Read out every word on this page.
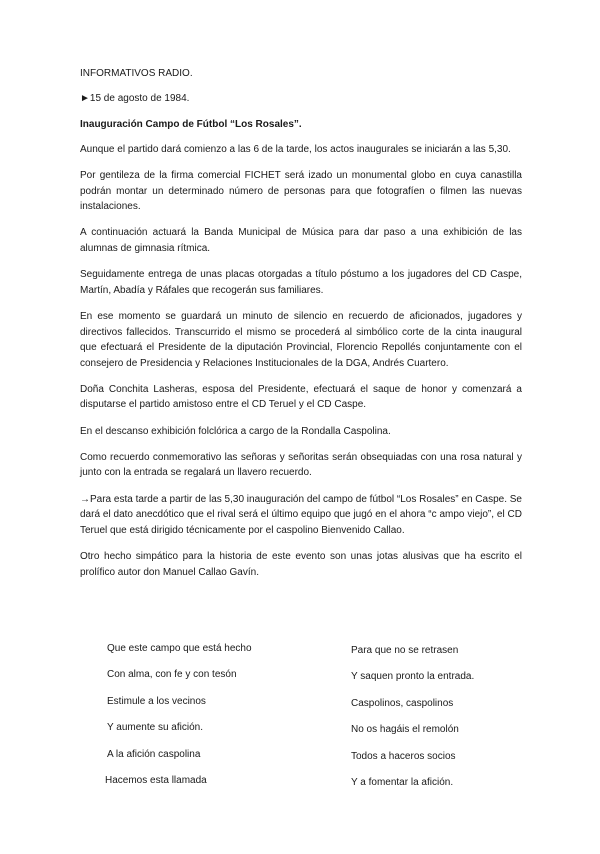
INFORMATIVOS RADIO.

►15 de agosto de 1984.

Inauguración Campo de Fútbol “Los Rosales”.

Aunque el partido dará comienzo a las 6 de la tarde, los actos inaugurales se iniciarán a las 5,30.

Por gentileza de la firma comercial FICHET será izado un monumental globo en cuya canastilla podrán montar un determinado número de personas para que fotografíen o filmen las nuevas instalaciones.

A continuación actuará la Banda Municipal de Música para dar paso a una exhibición de las alumnas de gimnasia rítmica.

Seguidamente entrega de unas placas otorgadas a título póstumo a los jugadores del CD Caspe, Martín, Abadía y Ráfales que recogerán sus familiares.

En ese momento se guardará un minuto de silencio en recuerdo de aficionados, jugadores y directivos fallecidos. Transcurrido el mismo se procederá al simbólico corte de la cinta inaugural que efectuará el Presidente de la diputación Provincial, Florencio Repollés conjuntamente con el consejero de Presidencia y Relaciones Institucionales de la DGA, Andrés Cuartero.

Doña Conchita Lasheras, esposa del Presidente, efectuará el saque de honor y comenzará a disputarse el partido amistoso entre el CD Teruel y el CD Caspe.

En el descanso exhibición folclórica a cargo de la Rondalla Caspolina.

Como recuerdo conmemorativo las señoras y señoritas serán obsequiadas con una rosa natural y junto con la entrada se regalará un llavero recuerdo.

→Para esta tarde a partir de las 5,30 inauguración del campo de fútbol “Los Rosales” en Caspe. Se dará el dato anecdótico que el rival será el último equipo que jugó en el ahora “c ampo viejo”, el CD Teruel que está dirigido técnicamente por el caspolino Bienvenido Callao.

Otro hecho simpático para la historia de este evento son unas jotas alusivas que ha escrito el prolífico autor don Manuel Callao Gavín.

Que este campo que está hecho
Con alma, con fe y con tesón
Estimule a los vecinos
Y aumente su afición.
A la afición caspolina
Hacemos esta llamada
Para que no se retrasen
Y saquen pronto la entrada.
Caspolinos, caspolinos
No os hagáis el remolón
Todos a haceros socios
Y a fomentar la afición.
